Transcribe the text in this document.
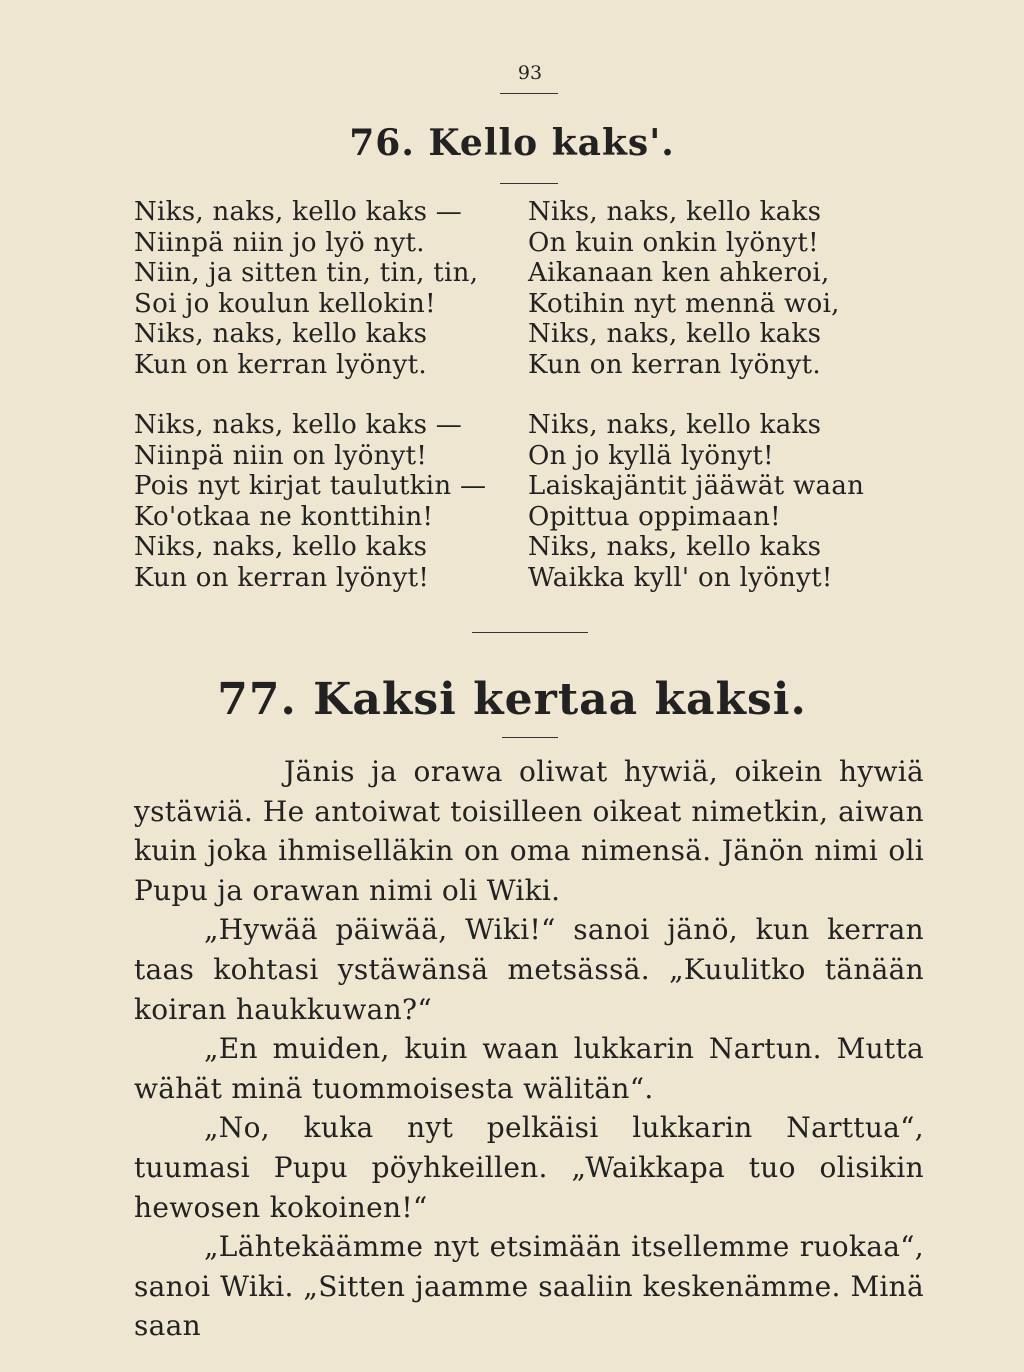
93
76. Kello kaks'.
Niks, naks, kello kaks —
Niinpä niin jo lyö nyt.
Niin, ja sitten tin, tin, tin,
Soi jo koulun kellokin!
Niks, naks, kello kaks
Kun on kerran lyönyt.
Niks, naks, kello kaks
On kuin onkin lyönyt!
Aikanaan ken ahkeroi,
Kotihin nyt mennä woi,
Niks, naks, kello kaks
Kun on kerran lyönyt.
Niks, naks, kello kaks —
Niinpä niin on lyönyt!
Pois nyt kirjat taulutkin —
Ko'otkaa ne konttihin!
Niks, naks, kello kaks
Kun on kerran lyönyt!
Niks, naks, kello kaks
On jo kyllä lyönyt!
Laiskajäntit jääwät waan
Opittua oppimaan!
Niks, naks, kello kaks
Waikka kyll' on lyönyt!
77. Kaksi kertaa kaksi.

Jänis ja orawa oliwat hywiä, oikein hywiä ystäwiä. He antoiwat toisilleen oikeat nimetkin, aiwan kuin joka ihmiselläkin on oma nimensä. Jänön nimi oli Pupu ja orawan nimi oli Wiki.

„Hywää päiwää, Wiki!“ sanoi jänö, kun kerran taas kohtasi ystäwänsä metsässä. „Kuulitko tänään koiran haukkuwan?“

„En muiden, kuin waan lukkarin Nartun. Mutta wähät minä tuommoisesta wälitän“.

„No, kuka nyt pelkäisi lukkarin Narttua“, tuumasi Pupu pöyhkeillen. „Waikkapa tuo olisikin hewosen kokoinen!“

„Lähtekäämme nyt etsimään itsellemme ruokaa“, sanoi Wiki. „Sitten jaamme saaliin keskenämme. Minä saan
